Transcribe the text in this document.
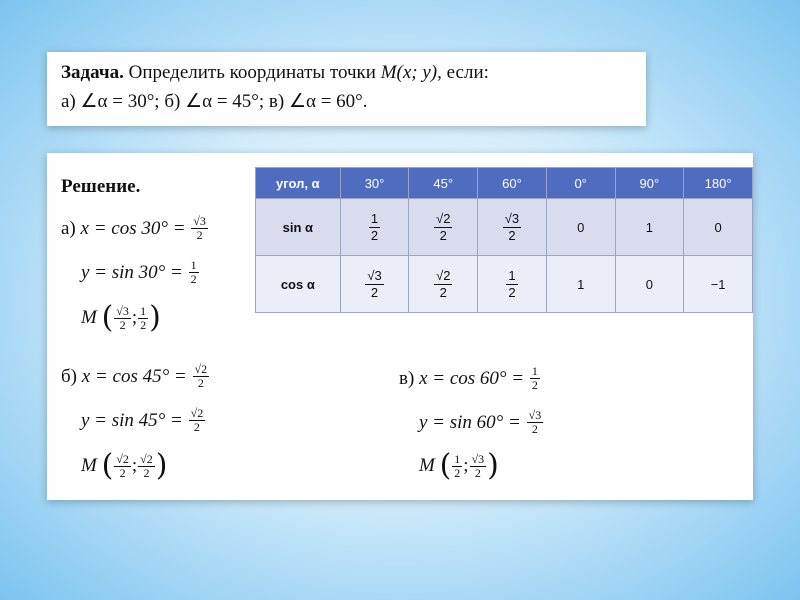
Задача. Определить координаты точки M(x; y), если:
а) ∠α = 30°; б) ∠α = 45°; в) ∠α = 60°.
Решение.
а)
x = cos 30° =
$\frac{√3}{2}$
y = sin 30° =
$\frac{1}{2}$
M
( $\frac{√3}{2}$ ; $\frac{1}{2}$ )
б)
x = cos 45° =
$\frac{√2}{2}$
y = sin 45° =
$\frac{√2}{2}$
M
( $\frac{√2}{2}$ ; $\frac{√2}{2}$ )
в)
x = cos 60° =
$\frac{1}{2}$
y = sin 60° =
$\frac{√3}{2}$
M
( $\frac{1}{2}$ ; $\frac{√3}{2}$ )
угол, α	30°	45°	60°	0°	90°	180°
sin α	$\frac{1}{2}$	$\frac{√2}{2}$	$\frac{√3}{2}$	0	1	0
cos α	$\frac{√3}{2}$	$\frac{√2}{2}$	$\frac{1}{2}$	1	0	−1
